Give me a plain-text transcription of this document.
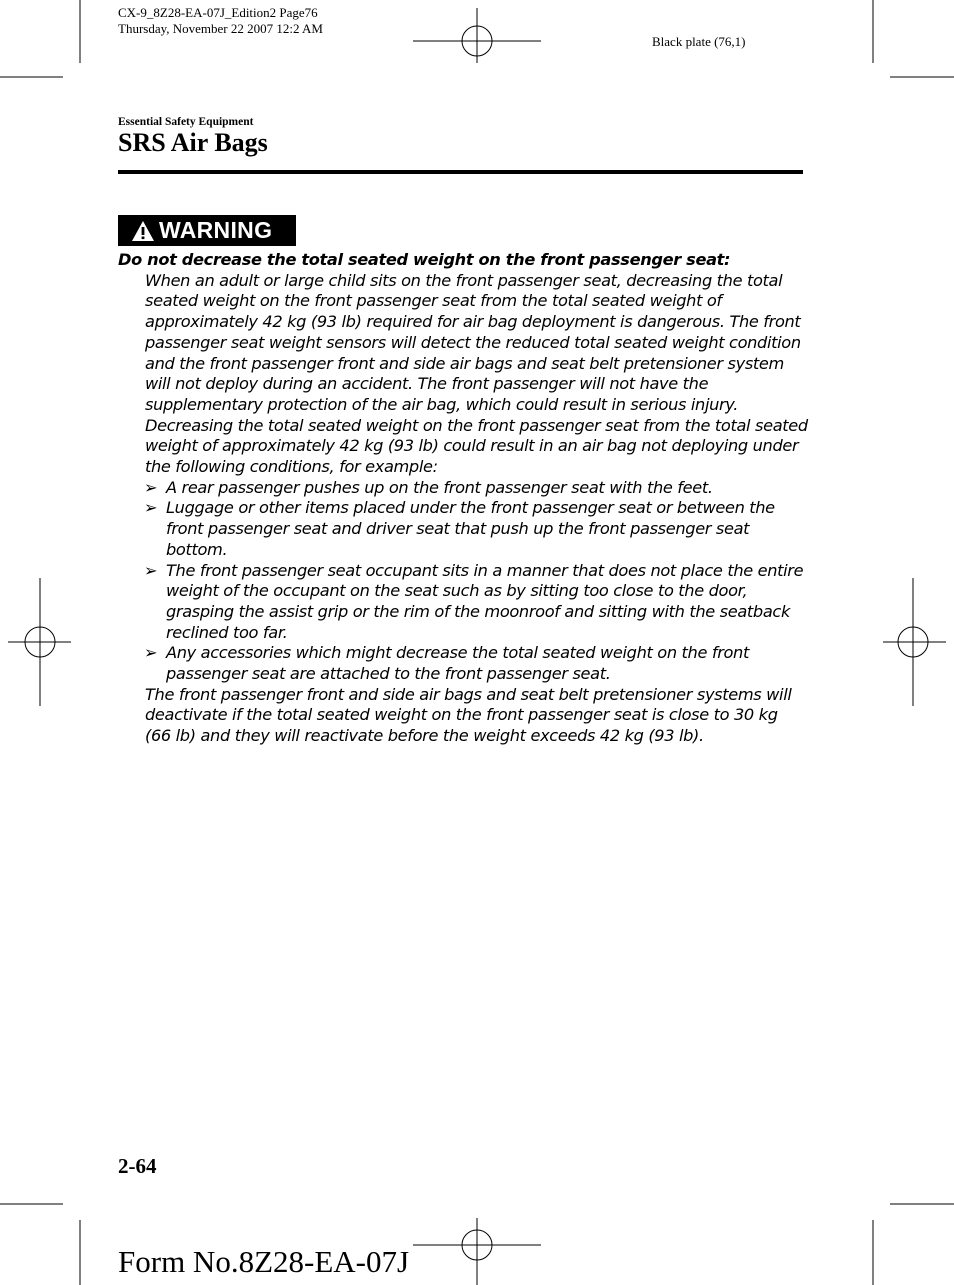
CX-9_8Z28-EA-07J_Edition2 Page76
Thursday, November 22 2007 12:2 AM
Black plate (76,1)
Essential Safety Equipment
SRS Air Bags
WARNING
Do not decrease the total seated weight on the front passenger seat:
When an adult or large child sits on the front passenger seat, decreasing the total seated weight on the front passenger seat from the total seated weight of approximately 42 kg (93 lb) required for air bag deployment is dangerous. The front passenger seat weight sensors will detect the reduced total seated weight condition and the front passenger front and side air bags and seat belt pretensioner system will not deploy during an accident. The front passenger will not have the supplementary protection of the air bag, which could result in serious injury. Decreasing the total seated weight on the front passenger seat from the total seated weight of approximately 42 kg (93 lb) could result in an air bag not deploying under the following conditions, for example:
➢ A rear passenger pushes up on the front passenger seat with the feet.
➢ Luggage or other items placed under the front passenger seat or between the front passenger seat and driver seat that push up the front passenger seat bottom.
➢ The front passenger seat occupant sits in a manner that does not place the entire weight of the occupant on the seat such as by sitting too close to the door, grasping the assist grip or the rim of the moonroof and sitting with the seatback reclined too far.
➢ Any accessories which might decrease the total seated weight on the front passenger seat are attached to the front passenger seat.
The front passenger front and side air bags and seat belt pretensioner systems will deactivate if the total seated weight on the front passenger seat is close to 30 kg (66 lb) and they will reactivate before the weight exceeds 42 kg (93 lb).
2-64
Form No.8Z28-EA-07J
